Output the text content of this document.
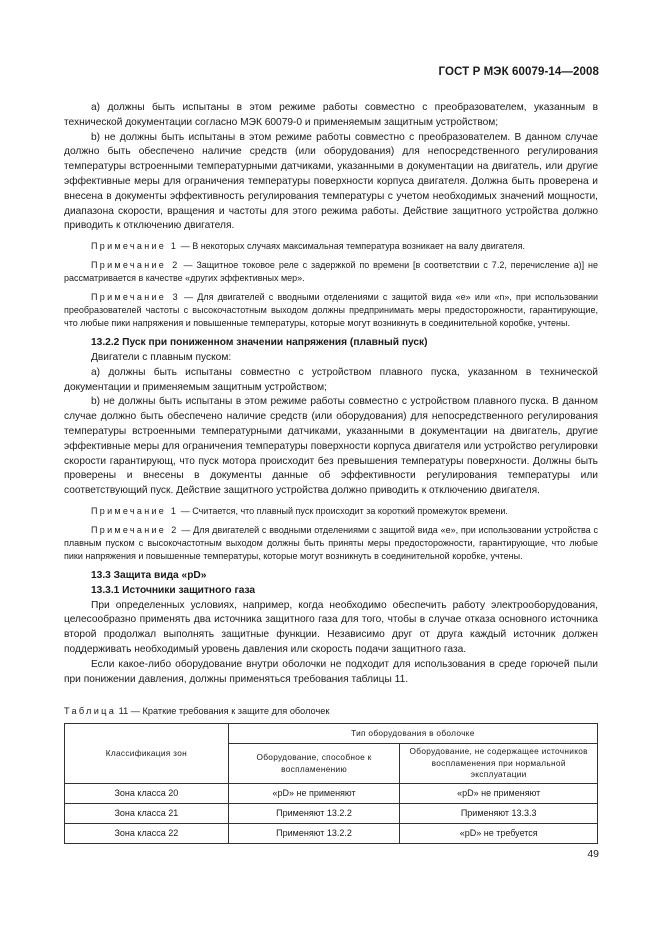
ГОСТ Р МЭК 60079-14—2008

а) должны быть испытаны в этом режиме работы совместно с преобразователем, указанным в технической документации согласно МЭК 60079-0 и применяемым защитным устройством;

b) не должны быть испытаны в этом режиме работы совместно с преобразователем. В данном случае должно быть обеспечено наличие средств (или оборудования) для непосредственного регулирования температуры встроенными температурными датчиками, указанными в документации на двигатель, или другие эффективные меры для ограничения температуры поверхности корпуса двигателя. Должна быть проверена и внесена в документы эффективность регулирования температуры с учетом необходимых значений мощности, диапазона скорости, вращения и частоты для этого режима работы. Действие защитного устройства должно приводить к отключению двигателя.

Примечание 1 — В некоторых случаях максимальная температура возникает на валу двигателя.

Примечание 2 — Защитное токовое реле с задержкой по времени [в соответствии с 7.2, перечисление а)] не рассматривается в качестве «других эффективных мер».

Примечание 3 — Для двигателей с вводными отделениями с защитой вида «е» или «n», при использовании преобразователей частоты с высокочастотным выходом должны предпринимать меры предосторожности, гарантирующие, что любые пики напряжения и повышенные температуры, которые могут возникнуть в соединительной коробке, учтены.

13.2.2 Пуск при пониженном значении напряжения (плавный пуск)

Двигатели с плавным пуском:

а) должны быть испытаны совместно с устройством плавного пуска, указанном в технической документации и применяемым защитным устройством;

b) не должны быть испытаны в этом режиме работы совместно с устройством плавного пуска. В данном случае должно быть обеспечено наличие средств (или оборудования) для непосредственного регулирования температуры встроенными температурными датчиками, указанными в документации на двигатель, другие эффективные меры для ограничения температуры поверхности корпуса двигателя или устройство регулировки скорости гарантирующ, что пуск мотора происходит без превышения температуры поверхности. Должны быть проверены и внесены в документы данные об эффективности регулирования температуры или соответствующий пуск. Действие защитного устройства должно приводить к отключению двигателя.

Примечание 1 — Считается, что плавный пуск происходит за короткий промежуток времени.

Примечание 2 — Для двигателей с вводными отделениями с защитой вида «е», при использовании устройства с плавным пуском с высокочастотным выходом должны быть приняты меры предосторожности, гарантирующие, что любые пики напряжения и повышенные температуры, которые могут возникнуть в соединительной коробке, учтены.

13.3 Защита вида «pD»

13.3.1 Источники защитного газа

При определенных условиях, например, когда необходимо обеспечить работу электрооборудования, целесообразно применять два источника защитного газа для того, чтобы в случае отказа основного источника второй продолжал выполнять защитные функции. Независимо друг от друга каждый источник должен поддерживать необходимый уровень давления или скорость подачи защитного газа.

Если какое-либо оборудование внутри оболочки не подходит для использования в среде горючей пыли при понижении давления, должны применяться требования таблицы 11.

Таблица 11 — Краткие требования к защите для оболочек
Классификация зон	Тип оборудования в оболочке	
	Оборудование, способное к воспламенению	Оборудование, не содержащее источников воспламенения при нормальной эксплуатации
Зона класса 20	«pD» не применяют	«pD» не применяют
Зона класса 21	Применяют 13.2.2	Применяют 13.3.3
Зона класса 22	Применяют 13.2.2	«pD» не требуется
49
